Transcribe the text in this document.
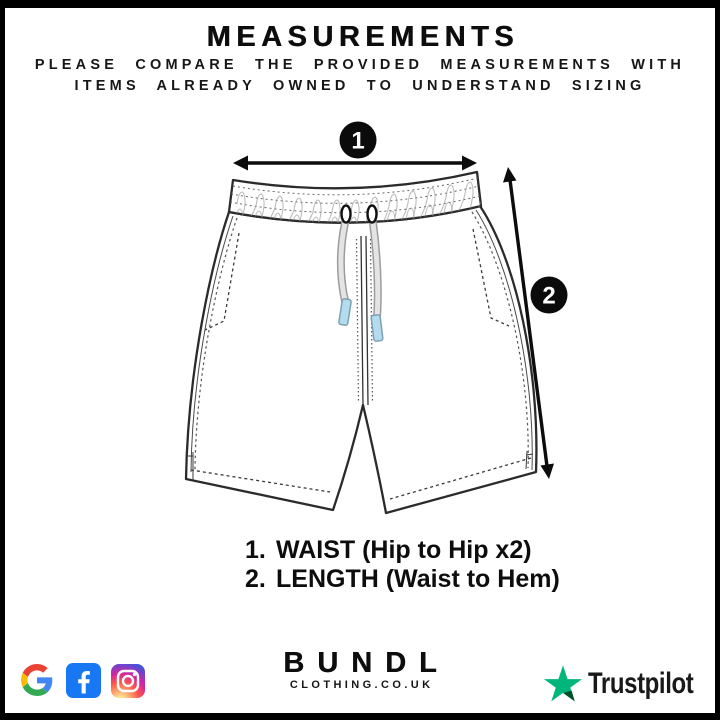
MEASUREMENTS

PLEASE COMPARE THE PROVIDED MEASUREMENTS WITH
ITEMS ALREADY OWNED TO UNDERSTAND SIZING

1
2
1. WAIST (Hip to Hip x2)
2. LENGTH (Waist to Hem)
BUNDL
CLOTHING.CO.UK	Trustpilot
